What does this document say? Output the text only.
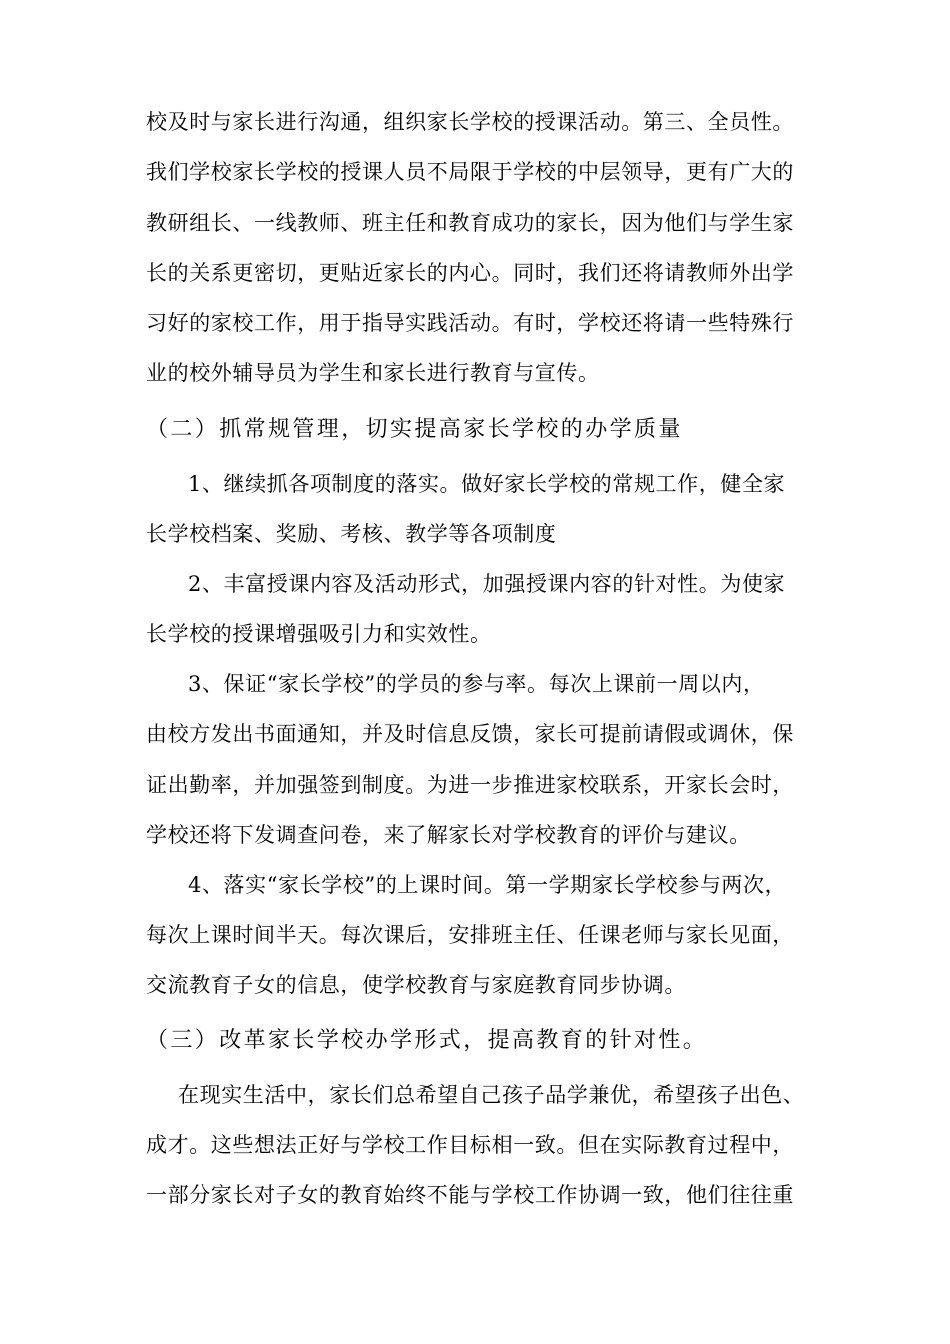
校及时与家长进行沟通，组织家长学校的授课活动。第三、全员性。
我们学校家长学校的授课人员不局限于学校的中层领导，更有广大的
教研组长、一线教师、班主任和教育成功的家长，因为他们与学生家
长的关系更密切，更贴近家长的内心。同时，我们还将请教师外出学
习好的家校工作，用于指导实践活动。有时，学校还将请一些特殊行
业的校外辅导员为学生和家长进行教育与宣传。
（二）抓常规管理，切实提高家长学校的办学质量
1、继续抓各项制度的落实。做好家长学校的常规工作，健全家
长学校档案、奖励、考核、教学等各项制度
2、丰富授课内容及活动形式，加强授课内容的针对性。为使家
长学校的授课增强吸引力和实效性。
3、保证“家长学校”的学员的参与率。每次上课前一周以内，
由校方发出书面通知，并及时信息反馈，家长可提前请假或调休，保
证出勤率，并加强签到制度。为进一步推进家校联系，开家长会时，
学校还将下发调查问卷，来了解家长对学校教育的评价与建议。
4、落实“家长学校”的上课时间。第一学期家长学校参与两次，
每次上课时间半天。每次课后，安排班主任、任课老师与家长见面，
交流教育子女的信息，使学校教育与家庭教育同步协调。
（三）改革家长学校办学形式，提高教育的针对性。
在现实生活中，家长们总希望自己孩子品学兼优，希望孩子出色、
成才。这些想法正好与学校工作目标相一致。但在实际教育过程中，
一部分家长对子女的教育始终不能与学校工作协调一致，他们往往重
